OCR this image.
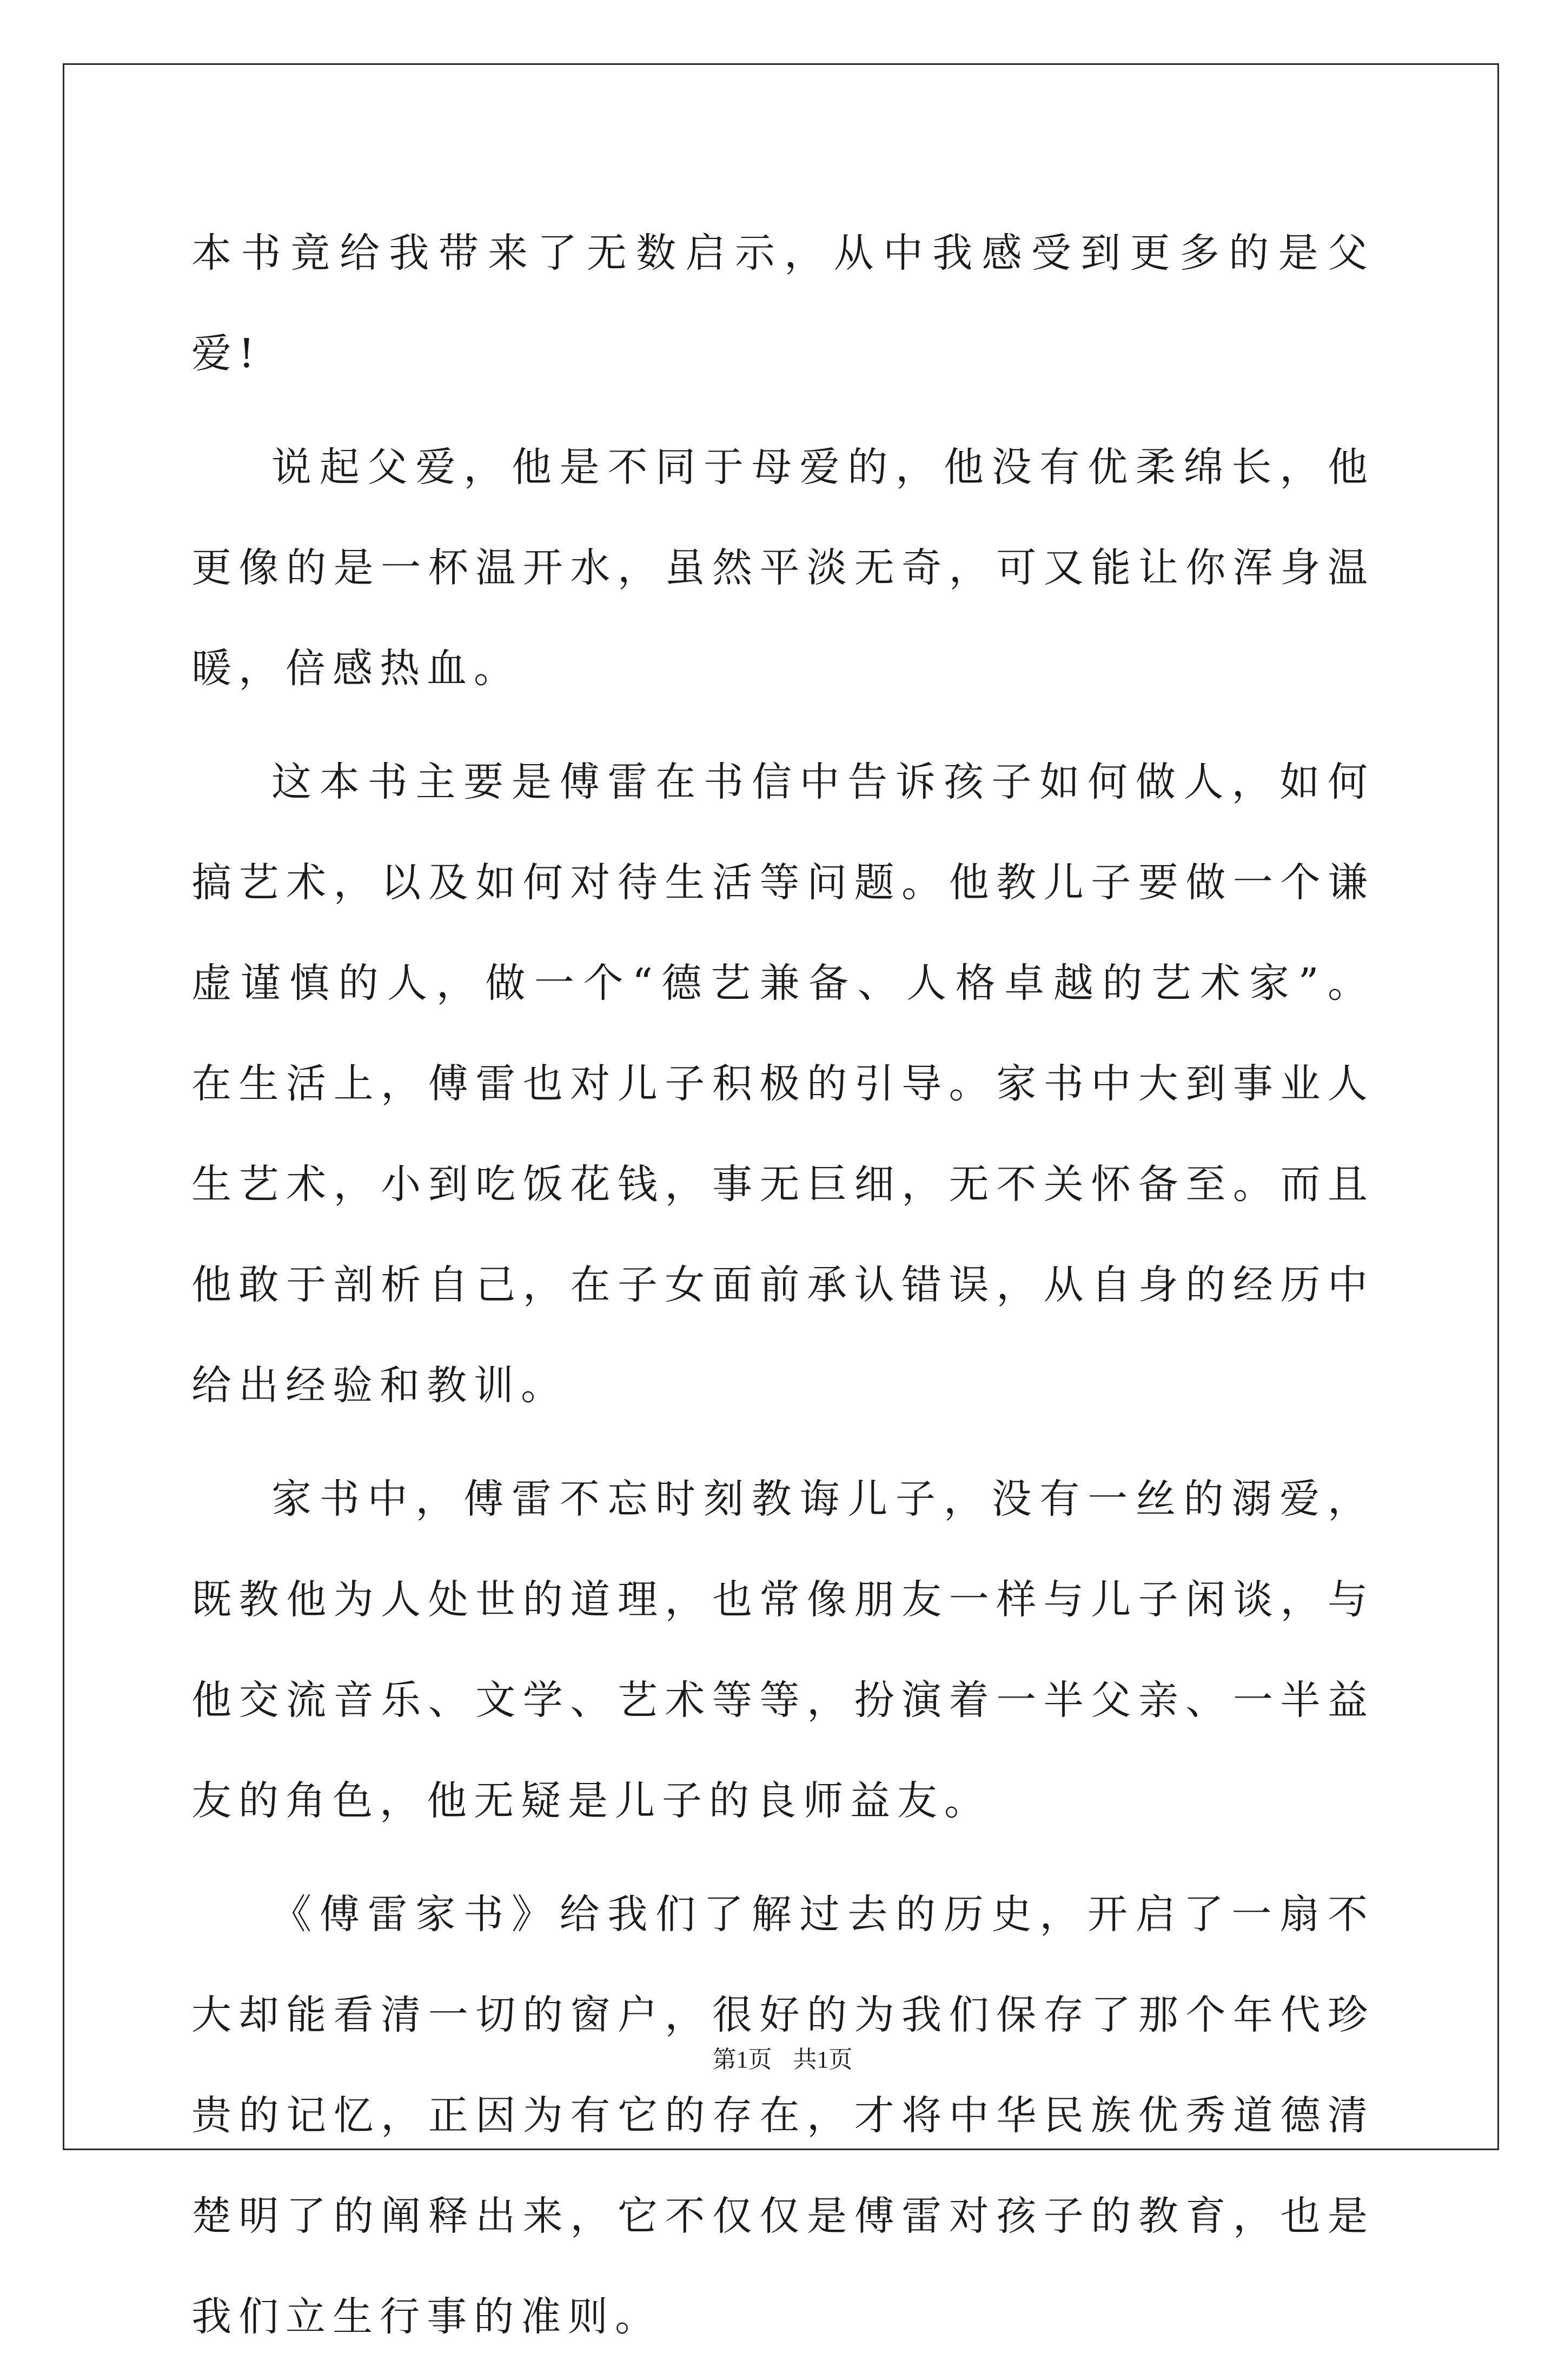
本书竟给我带来了无数启示，从中我感受到更多的是父爱!

说起父爱，他是不同于母爱的，他没有优柔绵长，他更像的是一杯温开水，虽然平淡无奇，可又能让你浑身温暖，倍感热血。

这本书主要是傅雷在书信中告诉孩子如何做人，如何搞艺术，以及如何对待生活等问题。他教儿子要做一个谦虚谨慎的人，做一个“德艺兼备、人格卓越的艺术家”。在生活上，傅雷也对儿子积极的引导。家书中大到事业人生艺术，小到吃饭花钱，事无巨细，无不关怀备至。而且他敢于剖析自己，在子女面前承认错误，从自身的经历中给出经验和教训。

家书中，傅雷不忘时刻教诲儿子，没有一丝的溺爱，既教他为人处世的道理，也常像朋友一样与儿子闲谈，与他交流音乐、文学、艺术等等，扮演着一半父亲、一半益友的角色，他无疑是儿子的良师益友。

《傅雷家书》给我们了解过去的历史，开启了一扇不大却能看清一切的窗户，很好的为我们保存了那个年代珍贵的记忆，正因为有它的存在，才将中华民族优秀道德清楚明了的阐释出来，它不仅仅是傅雷对孩子的教育，也是我们立生行事的准则。

第1页 共1页
